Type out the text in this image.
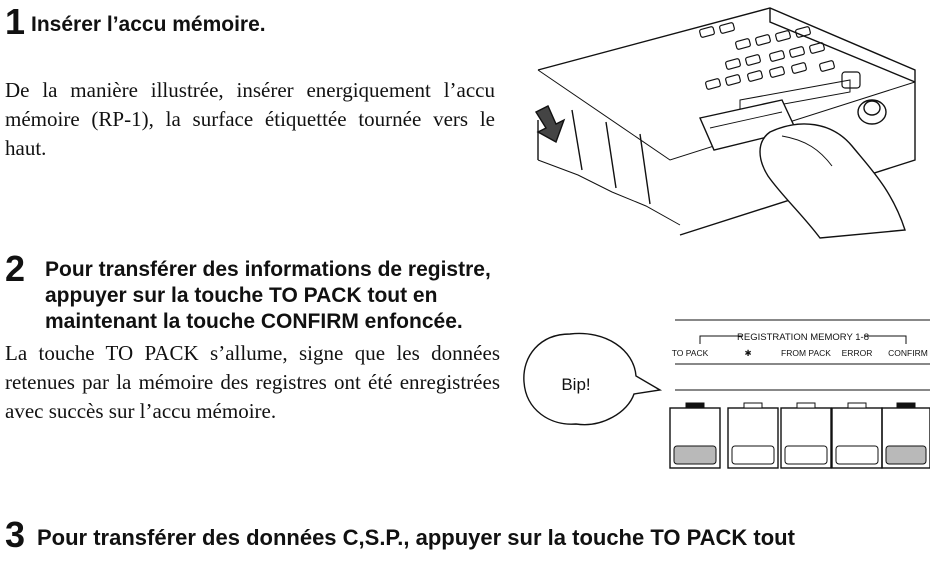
1 Insérer l’accu mémoire.
De la manière illustrée, insérer energiquement l’accu mémoire (RP-1), la surface étiquettée tournée vers le haut.
2 Pour transférer des informations de registre, appuyer sur la touche TO PACK tout en maintenant la touche CONFIRM enfoncée.
La touche TO PACK s’allume, signe que les données retenues par la mémoire des registres ont été enregistrées avec succès sur l’accu mémoire.
3 Pour transférer des données C,S.P., appuyer sur la touche TO PACK tout
REGISTRATION MEMORY 1-8
TO PACK	✱	FROM PACK ERROR CONFIRM
Bip!
